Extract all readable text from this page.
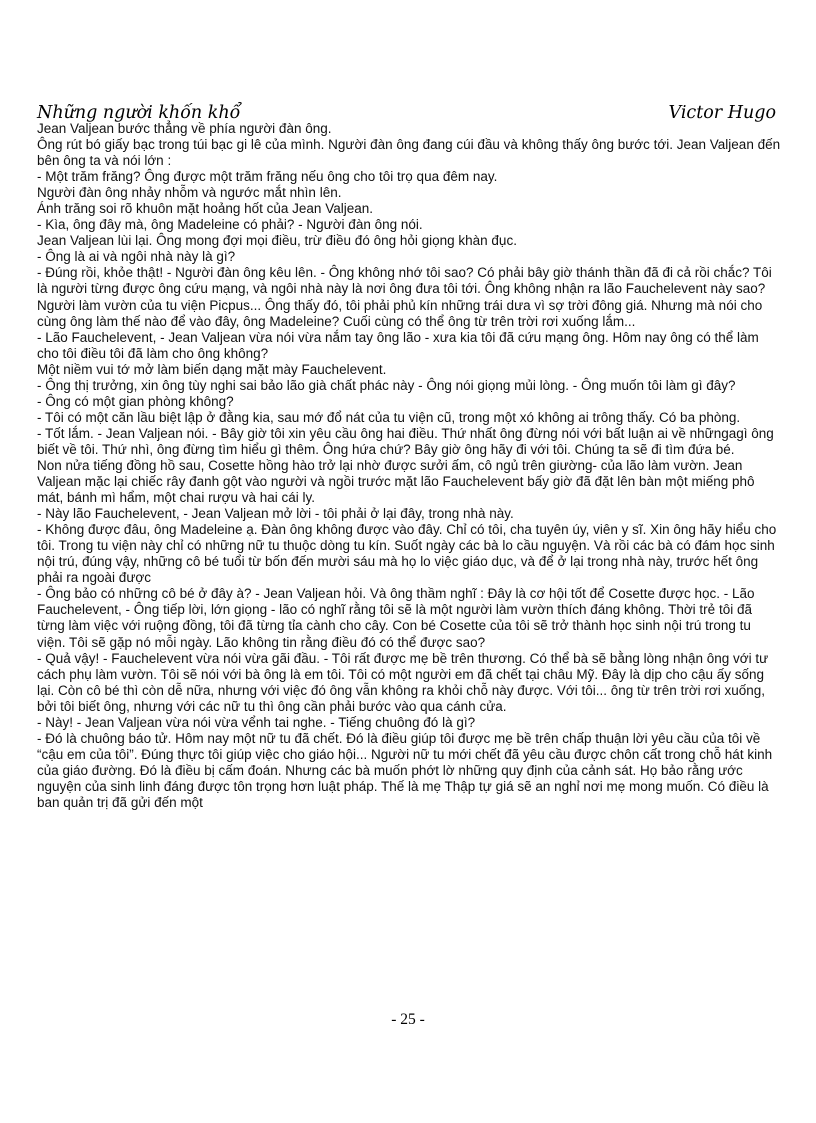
Những người khốn khổ	Victor Hugo

Jean Valjean bước thẳng về phía người đàn ông.

Ông rút bó giấy bạc trong túi bạc gi lê của mình. Người đàn ông đang cúi đầu và không thấy ông bước tới. Jean Valjean đến bên ông ta và nói lớn :

- Một trăm frăng? Ông được một trăm frăng nếu ông cho tôi trọ qua đêm nay.

Người đàn ông nhảy nhỗm và ngước mắt nhìn lên.

Ánh trăng soi rõ khuôn mặt hoảng hốt của Jean Valjean.

- Kìa, ông đây mà, ông Madeleine có phải? - Người đàn ông nói.

Jean Valjean lùi lại. Ông mong đợi mọi điều, trừ điều đó ông hỏi giọng khàn đục.

- Ông là ai và ngôi nhà này là gì?

- Đúng rồi, khỏe thật! - Người đàn ông kêu lên. - Ông không nhớ tôi sao? Có phải bây giờ thánh thần đã đi cả rồi chắc? Tôi là người từng được ông cứu mạng, và ngôi nhà này là nơi ông đưa tôi tới. Ông không nhận ra lão Fauchelevent này sao? Người làm vườn của tu viện Picpus... Ông thấy đó, tôi phải phủ kín những trái dưa vì sợ trời đông giá. Nhưng mà nói cho cùng ông làm thế nào để vào đây, ông Madeleine? Cuối cùng có thể ông từ trên trời rơi xuống lắm...

- Lão Fauchelevent, - Jean Valjean vừa nói vừa nắm tay ông lão - xưa kia tôi đã cứu mạng ông. Hôm nay ông có thể làm cho tôi điều tôi đã làm cho ông không?

Một niềm vui tớ mở làm biến dạng mặt mày Fauchelevent.

- Ông thị trưởng, xin ông tùy nghi sai bảo lão già chất phác này - Ông nói giọng mủi lòng. - Ông muốn tôi làm gì đây?

- Ông có một gian phòng không?

- Tôi có một căn lầu biệt lập ở đằng kia, sau mớ đổ nát của tu viện cũ, trong một xó không ai trông thấy. Có ba phòng.

- Tốt lắm. - Jean Valjean nói. - Bây giờ tôi xin yêu cầu ông hai điều. Thứ nhất ông đừng nói với bất luận ai về nhữngagì ông biết về tôi. Thứ nhì, ông đừng tìm hiểu gì thêm. Ông hứa chứ? Bây giờ ông hãy đi với tôi. Chúng ta sẽ đi tìm đứa bé.

Non nửa tiếng đồng hồ sau, Cosette hồng hào trở lại nhờ được sưởi ấm, cô ngủ trên giường- của lão làm vườn. Jean Valjean mặc lại chiếc rây đanh gột vào người và ngồi trước mặt lão Fauchelevent bấy giờ đã đặt lên bàn một miếng phô mát, bánh mì hẩm, một chai rượu và hai cái ly.

- Này lão Fauchelevent, - Jean Valjean mở lời - tôi phải ở lại đây, trong nhà này.

- Không được đâu, ông Madeleine ạ. Đàn ông không được vào đây. Chỉ có tôi, cha tuyên úy, viên y sĩ. Xin ông hãy hiểu cho tôi. Trong tu viện này chỉ có những nữ tu thuộc dòng tu kín. Suốt ngày các bà lo cầu nguyện. Và rồi các bà có đám học sinh nội trú, đúng vậy, những cô bé tuổi từ bốn đến mười sáu mà họ lo việc giáo dục, và để ở lại trong nhà này, trước hết ông phải ra ngoài được

- Ông bảo có những cô bé ở đây à? - Jean Valjean hỏi. Và ông thầm nghĩ : Đây là cơ hội tốt để Cosette được học. - Lão Fauchelevent, - Ông tiếp lời, lớn giọng - lão có nghĩ rằng tôi sẽ là một người làm vườn thích đáng không. Thời trẻ tôi đã từng làm việc với ruộng đồng, tôi đã từng tỉa cành cho cây. Con bé Cosette của tôi sẽ trở thành học sinh nội trú trong tu viện. Tôi sẽ gặp nó mỗi ngày. Lão không tin rằng điều đó có thể được sao?

- Quả vậy! - Fauchelevent vừa nói vừa gãi đầu. - Tôi rất được mẹ bề trên thương. Có thể bà sẽ bằng lòng nhận ông với tư cách phụ làm vườn. Tôi sẽ nói với bà ông là em tôi. Tôi có một người em đã chết tại châu Mỹ. Đây là dịp cho cậu ấy sống lại. Còn cô bé thì còn dễ nữa, nhưng với việc đó ông vẫn không ra khỏi chỗ này được. Với tôi... ông từ trên trời rơi xuống, bởi tôi biết ông, nhưng với các nữ tu thì ông cần phải bước vào qua cánh cửa.

- Này! - Jean Valjean vừa nói vừa vểnh tai nghe. - Tiếng chuông đó là gì?

- Đó là chuông báo tử. Hôm nay một nữ tu đã chết. Đó là điều giúp tôi được mẹ bề trên chấp thuận lời yêu cầu của tôi về “cậu em của tôi”. Đúng thực tôi giúp việc cho giáo hội... Người nữ tu mới chết đã yêu cầu được chôn cất trong chỗ hát kinh của giáo đường. Đó là điều bị cấm đoán. Nhưng các bà muốn phớt lờ những quy định của cảnh sát. Họ bảo rằng ước nguyện của sinh linh đáng được tôn trọng hơn luật pháp. Thế là mẹ Thập tự giá sẽ an nghỉ nơi mẹ mong muốn. Có điều là ban quản trị đã gửi đến một

- 25 -
